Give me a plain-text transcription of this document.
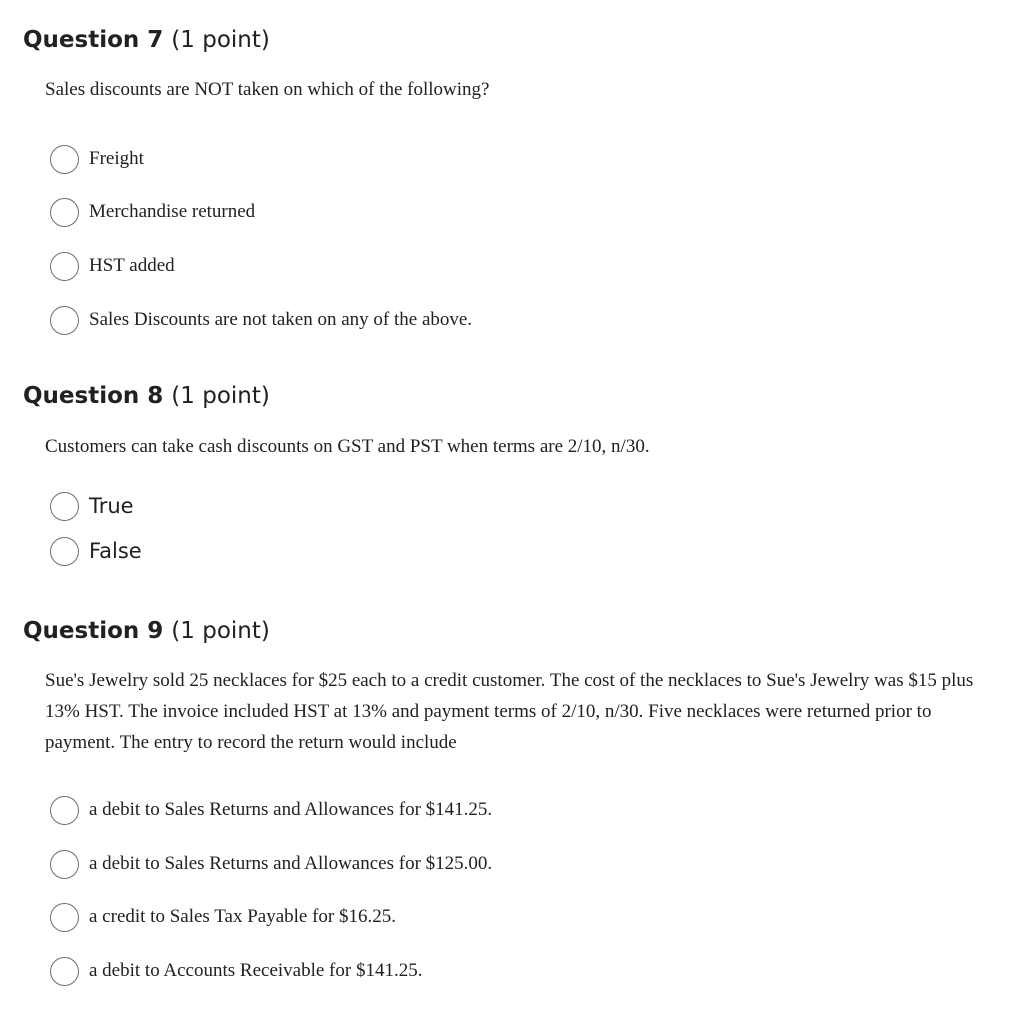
Question 7 (1 point)

Sales discounts are NOT taken on which of the following?

Freight
Merchandise returned
HST added
Sales Discounts are not taken on any of the above.
Question 8 (1 point)

Customers can take cash discounts on GST and PST when terms are 2/10, n/30.

True
False
Question 9 (1 point)

Sue's Jewelry sold 25 necklaces for $25 each to a credit customer. The cost of the necklaces to Sue's Jewelry was $15 plus 13% HST. The invoice included HST at 13% and payment terms of 2/10, n/30. Five necklaces were returned prior to payment. The entry to record the return would include

a debit to Sales Returns and Allowances for $141.25.
a debit to Sales Returns and Allowances for $125.00.
a credit to Sales Tax Payable for $16.25.
a debit to Accounts Receivable for $141.25.
